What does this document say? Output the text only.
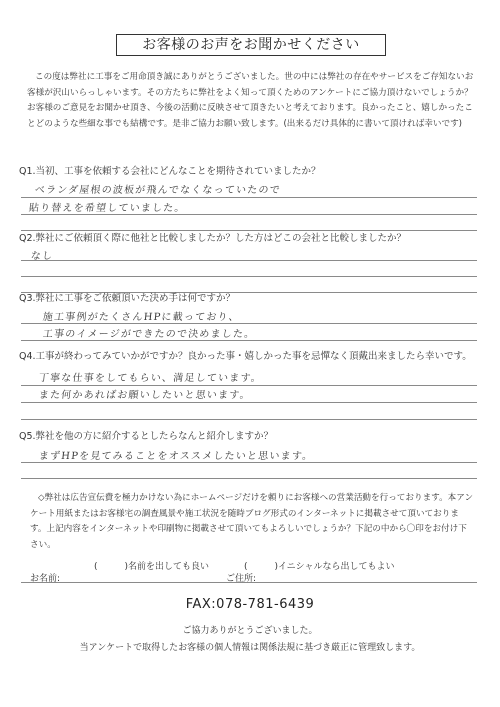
お客様のお声をお聞かせください
この度は弊社に工事をご用命頂き誠にありがとうございました。世の中には弊社の存在やサービスをご存知ないお客様が沢山いらっしゃいます。その方たちに弊社をよく知って頂くためのアンケートにご協力頂けないでしょうか？お客様のご意見をお聞かせ頂き、今後の活動に反映させて頂きたいと考えております。良かったこと、嬉しかったことどのような些細な事でも結構です。是非ご協力お願い致します。(出来るだけ具体的に書いて頂ければ幸いです)
Q1.当初、工事を依頼する会社にどんなことを期待されていましたか？
ベランダ屋根の波板が飛んでなくなっていたので
貼り替えを希望していました。
Q2.弊社にご依頼頂く際に他社と比較しましたか？した方はどこの会社と比較しましたか？
なし
Q3.弊社に工事をご依頼頂いた決め手は何ですか？
施工事例がたくさんHPに載っており、
工事のイメージができたので決めました。
Q4.工事が終わってみていかがですか？良かった事・嬉しかった事を忌憚なく頂戴出来ましたら幸いです。
丁寧な仕事をしてもらい、満足しています。
また何かあればお願いしたいと思います。
Q5.弊社を他の方に紹介するとしたらなんと紹介しますか？
まずHPを見てみることをオススメしたいと思います。
◇弊社は広告宣伝費を極力かけない為にホームページだけを頼りにお客様への営業活動を行っております。本アンケート用紙またはお客様宅の調査風景や施工状況を随時ブログ形式のインターネットに掲載させて頂いております。上記内容をインターネットや印刷物に掲載させて頂いてもよろしいでしょうか？下記の中から〇印をお付け下さい。
(　　　)名前を出しても良い	(　　　)イニシャルなら出してもよい
お名前:	ご住所:
FAX:078-781-6439
ご協力ありがとうございました。
当アンケートで取得したお客様の個人情報は関係法規に基づき厳正に管理致します。
